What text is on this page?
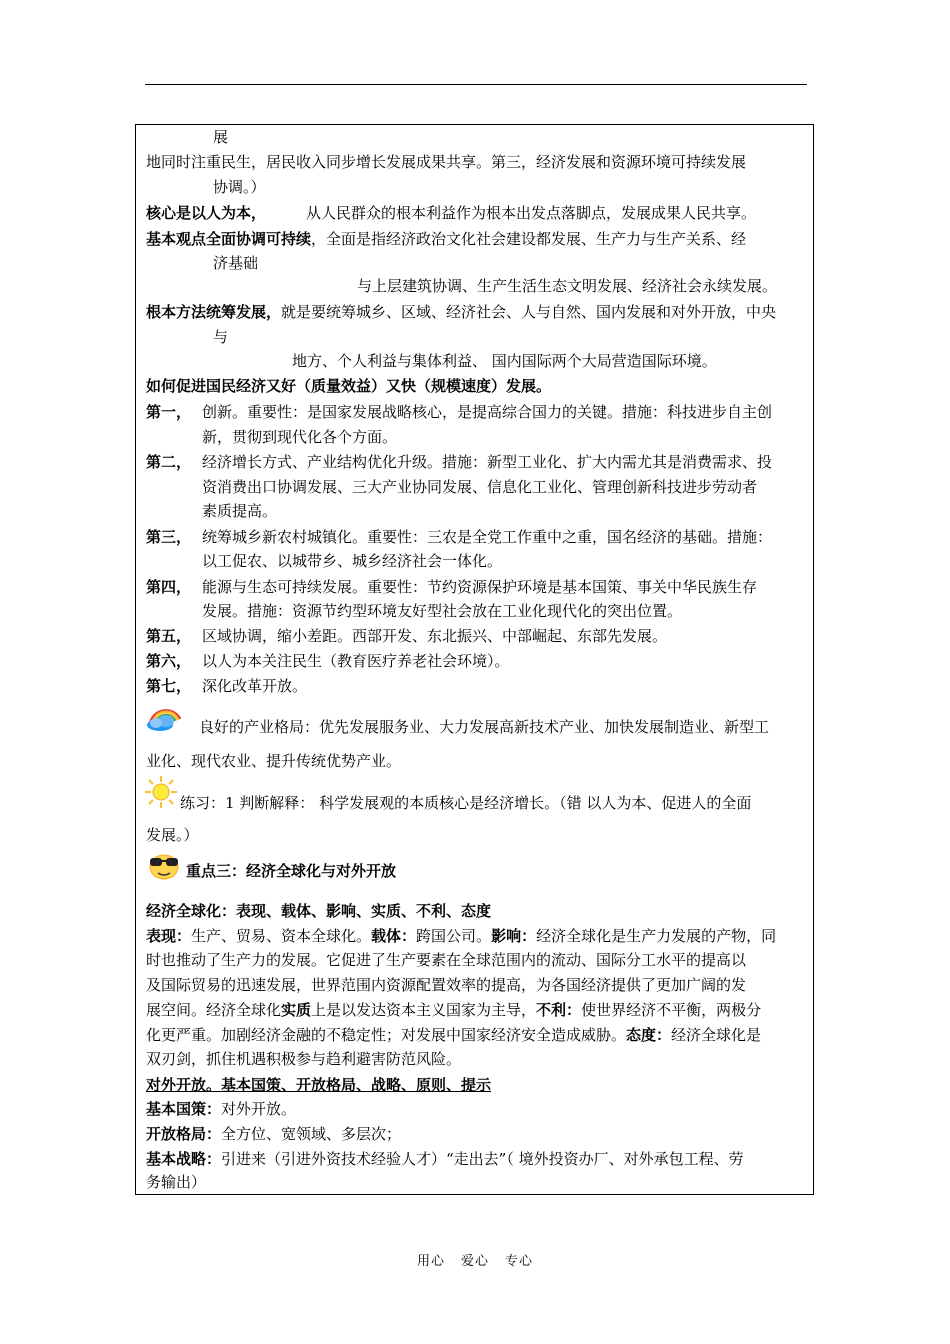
展
地同时注重民生，居民收入同步增长发展成果共享。第三，经济发展和资源环境可持续发展
协调。）
核心是以人为本，	从人民群众的根本利益作为根本出发点落脚点，发展成果人民共享。
基本观点全面协调可持续，全面是指经济政治文化社会建设都发展、生产力与生产关系、经
济基础
与上层建筑协调、生产生活生态文明发展、经济社会永续发展。
根本方法统筹发展，就是要统筹城乡、区域、经济社会、人与自然、国内发展和对外开放，中央
与
地方、个人利益与集体利益、 国内国际两个大局营造国际环境。
如何促进国民经济又好（质量效益）又快（规模速度）发展。
第一， 创新。重要性：是国家发展战略核心，是提高综合国力的关键。措施：科技进步自主创
新，贯彻到现代化各个方面。
第二， 经济增长方式、产业结构优化升级。措施：新型工业化、扩大内需尤其是消费需求、投
资消费出口协调发展、三大产业协同发展、信息化工业化、管理创新科技进步劳动者
素质提高。
第三， 统筹城乡新农村城镇化。重要性：三农是全党工作重中之重，国名经济的基础。措施：
以工促农、以城带乡、城乡经济社会一体化。
第四， 能源与生态可持续发展。重要性：节约资源保护环境是基本国策、事关中华民族生存
发展。措施：资源节约型环境友好型社会放在工业化现代化的突出位置。
第五， 区域协调，缩小差距。西部开发、东北振兴、中部崛起、东部先发展。
第六， 以人为本关注民生（教育医疗养老社会环境）。
第七， 深化改革开放。
良好的产业格局：优先发展服务业、大力发展高新技术产业、加快发展制造业、新型工
业化、现代农业、提升传统优势产业。
练习：1 判断解释： 科学发展观的本质核心是经济增长。（错 以人为本、促进人的全面
发展。）
重点三：经济全球化与对外开放
经济全球化：表现、载体、影响、实质、不利、态度
表现：生产、贸易、资本全球化。载体：跨国公司。影响：经济全球化是生产力发展的产物，同
时也推动了生产力的发展。它促进了生产要素在全球范围内的流动、国际分工水平的提高以
及国际贸易的迅速发展，世界范围内资源配置效率的提高，为各国经济提供了更加广阔的发
展空间。经济全球化实质上是以发达资本主义国家为主导，不利：使世界经济不平衡，两极分
化更严重。加剧经济金融的不稳定性；对发展中国家经济安全造成威胁。态度：经济全球化是
双刃剑，抓住机遇积极参与趋利避害防范风险。
对外开放。基本国策、开放格局、战略、原则、提示
基本国策：对外开放。
开放格局：全方位、宽领域、多层次；
基本战略：引进来（引进外资技术经验人才）“走出去”（ 境外投资办厂、对外承包工程、劳
务输出）
用心 爱心 专心
